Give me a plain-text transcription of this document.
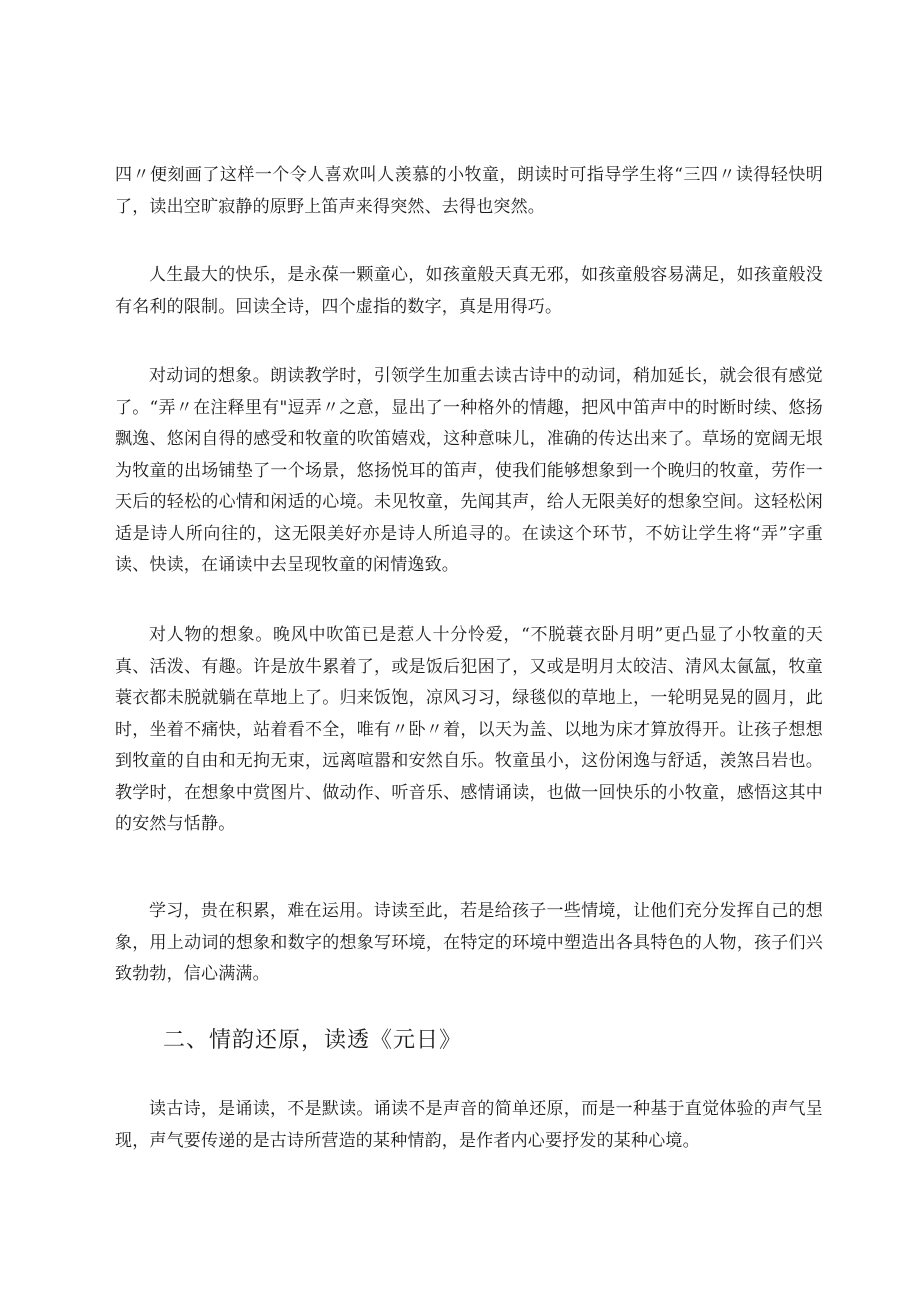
四〃便刻画了这样一个令人喜欢叫人羡慕的小牧童，朗读时可指导学生将“三四〃读得轻快明了，读出空旷寂静的原野上笛声来得突然、去得也突然。

人生最大的快乐，是永葆一颗童心，如孩童般天真无邪，如孩童般容易满足，如孩童般没有名利的限制。回读全诗，四个虚指的数字，真是用得巧。

对动词的想象。朗读教学时，引领学生加重去读古诗中的动词，稍加延长，就会很有感觉了。“弄〃在注释里有"逗弄〃之意，显出了一种格外的情趣，把风中笛声中的时断时续、悠扬飘逸、悠闲自得的感受和牧童的吹笛嬉戏，这种意味儿，准确的传达出来了。草场的宽阔无垠为牧童的出场铺垫了一个场景，悠扬悦耳的笛声，使我们能够想象到一个晚归的牧童，劳作一天后的轻松的心情和闲适的心境。未见牧童，先闻其声，给人无限美好的想象空间。这轻松闲适是诗人所向往的，这无限美好亦是诗人所追寻的。在读这个环节，不妨让学生将“弄”字重读、快读，在诵读中去呈现牧童的闲情逸致。

对人物的想象。晚风中吹笛已是惹人十分怜爱，“不脱蓑衣卧月明”更凸显了小牧童的天真、活泼、有趣。许是放牛累着了，或是饭后犯困了，又或是明月太皎洁、清风太氤氲，牧童蓑衣都未脱就躺在草地上了。归来饭饱，凉风习习，绿毯似的草地上，一轮明晃晃的圆月，此时，坐着不痛快，站着看不全，唯有〃卧〃着，以天为盖、以地为床才算放得开。让孩子想想到牧童的自由和无拘无束，远离喧嚣和安然自乐。牧童虽小，这份闲逸与舒适，羡煞吕岩也。教学时，在想象中赏图片、做动作、听音乐、感情诵读，也做一回快乐的小牧童，感悟这其中的安然与恬静。

学习，贵在积累，难在运用。诗读至此，若是给孩子一些情境，让他们充分发挥自己的想象，用上动词的想象和数字的想象写环境，在特定的环境中塑造出各具特色的人物，孩子们兴致勃勃，信心满满。

二、情韵还原，读透《元日》

读古诗，是诵读，不是默读。诵读不是声音的简单还原，而是一种基于直觉体验的声气呈现，声气要传递的是古诗所营造的某种情韵，是作者内心要抒发的某种心境。
